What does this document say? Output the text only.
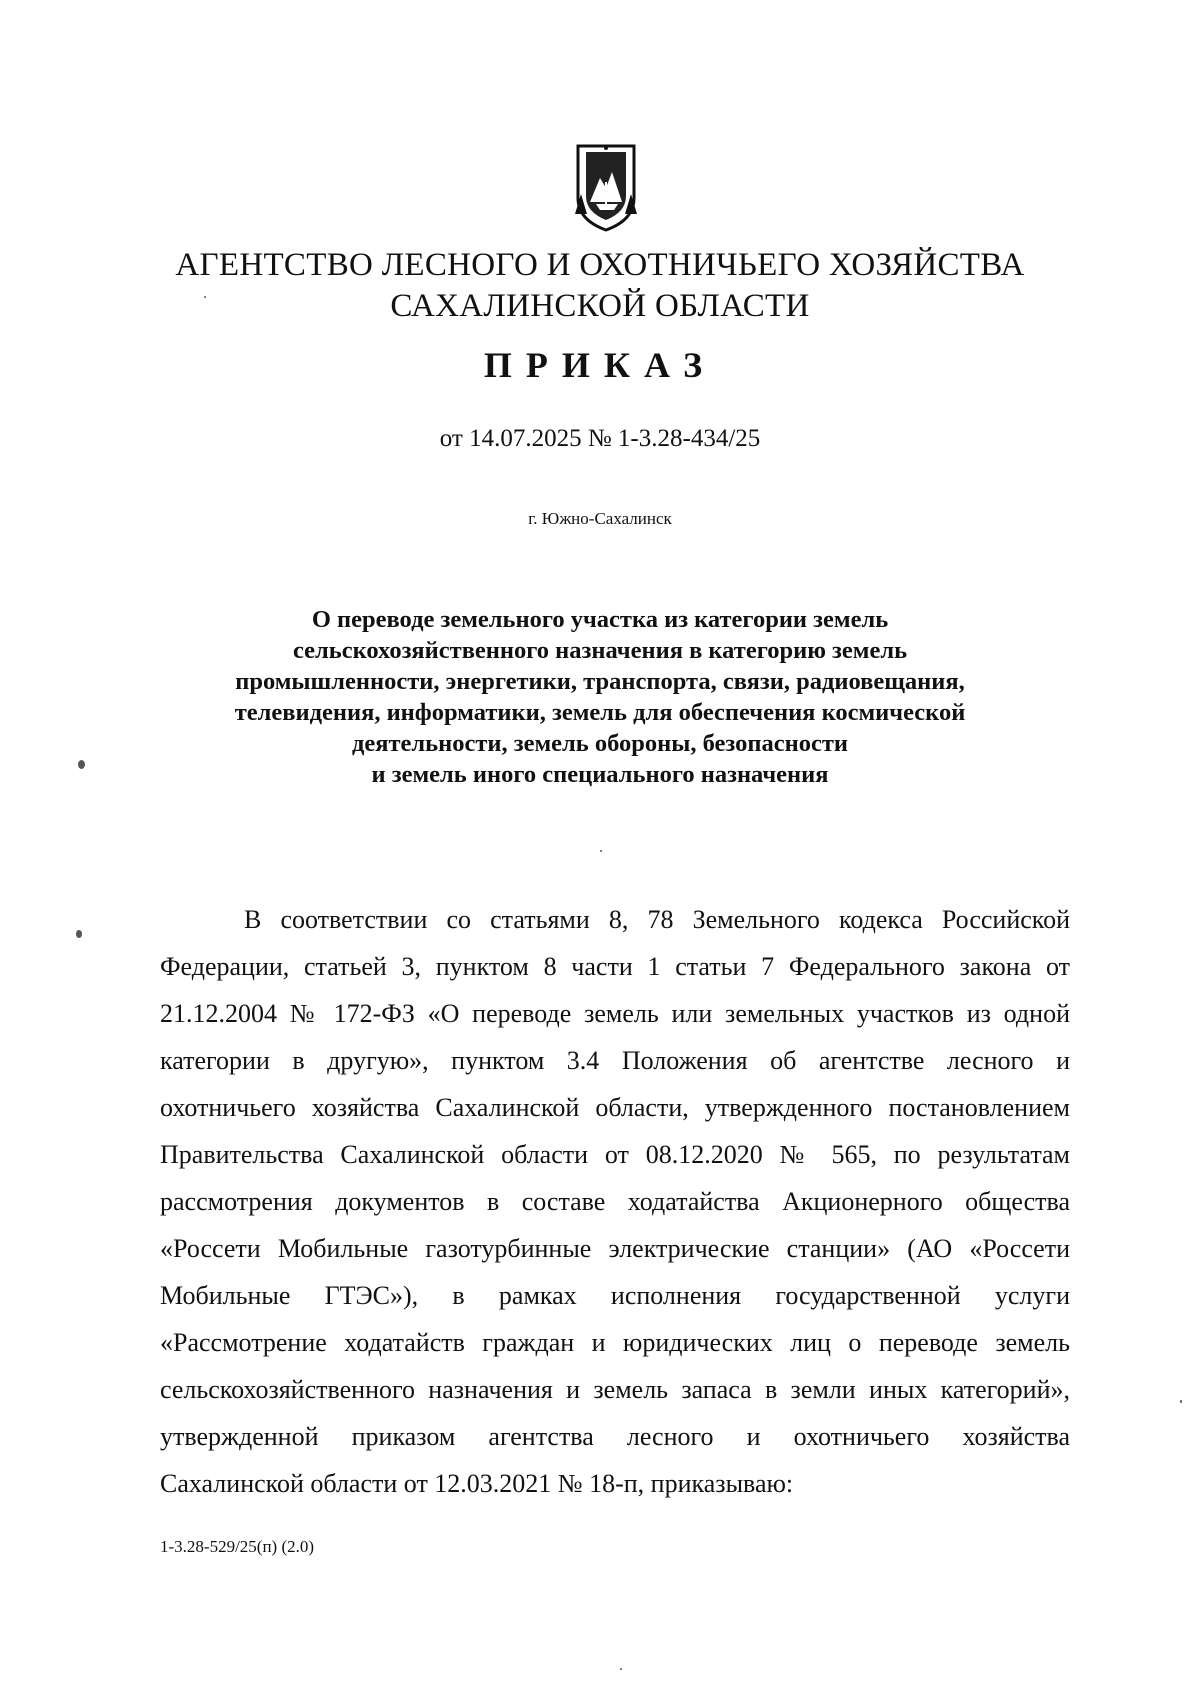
АГЕНТСТВО ЛЕСНОГО И ОХОТНИЧЬЕГО ХОЗЯЙСТВА
САХАЛИНСКОЙ ОБЛАСТИ
ПРИКАЗ
от 14.07.2025 № 1-3.28-434/25
г. Южно-Сахалинск
О переводе земельного участка из категории земель
сельскохозяйственного назначения в категорию земель
промышленности, энергетики, транспорта, связи, радиовещания,
телевидения, информатики, земель для обеспечения космической
деятельности, земель обороны, безопасности
и земель иного специального назначения
В соответствии со статьями 8, 78 Земельного кодекса Российской
Федерации, статьей 3, пунктом 8 части 1 статьи 7 Федерального закона от
21.12.2004 № 172-ФЗ «О переводе земель или земельных участков из одной
категории в другую», пунктом 3.4 Положения об агентстве лесного и
охотничьего хозяйства Сахалинской области, утвержденного постановлением
Правительства Сахалинской области от 08.12.2020 № 565, по результатам
рассмотрения документов в составе ходатайства Акционерного общества
«Россети Мобильные газотурбинные электрические станции» (АО «Россети
Мобильные ГТЭС»), в рамках исполнения государственной услуги
«Рассмотрение ходатайств граждан и юридических лиц о переводе земель
сельскохозяйственного назначения и земель запаса в земли иных категорий»,
утвержденной приказом агентства лесного и охотничьего хозяйства
Сахалинской области от 12.03.2021 № 18-п, приказываю:
1-3.28-529/25(п) (2.0)
